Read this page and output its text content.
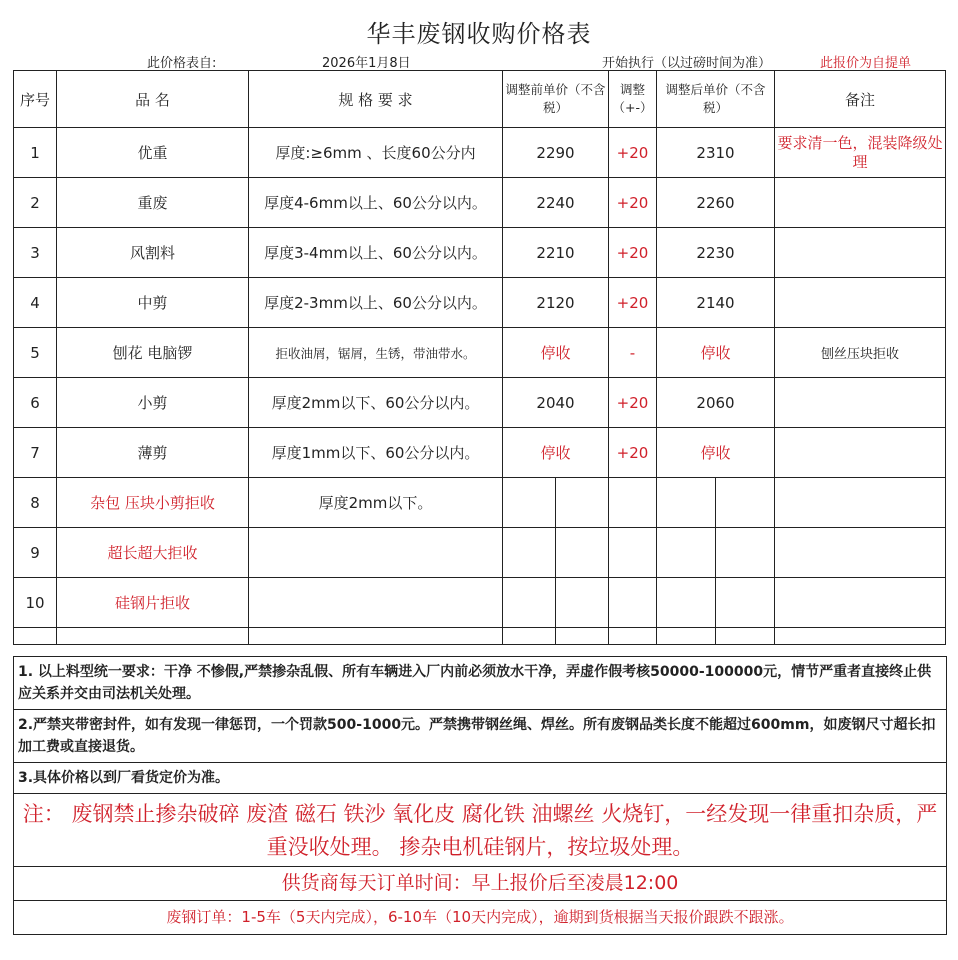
华丰废钢收购价格表
此价格表自:	2026年1月8日	开始执行（以过磅时间为准）	此报价为自提单
序号	品 名	规 格 要 求	调整前单价（不含税）	调整（+-）	调整后单价（不含税）	备注
1	优重	厚度:≥6mm 、长度60公分内	2290	+20	2310	要求清一色，混装降级处理
2	重废	厚度4-6mm以上、60公分以内。	2240	+20	2260	
3	风割料	厚度3-4mm以上、60公分以内。	2210	+20	2230	
4	中剪	厚度2-3mm以上、60公分以内。	2120	+20	2140	
5	刨花 电脑锣	拒收油屑，锯屑，生锈，带油带水。	停收	-	停收	刨丝压块拒收
6	小剪	厚度2mm以下、60公分以内。	2040	+20	2060	
7	薄剪	厚度1mm以下、60公分以内。	停收	+20	停收	
8	杂包 压块小剪拒收	厚度2mm以下。	

9	超长超大拒收		

10	硅钢片拒收		

1. 以上料型统一要求：干净 不惨假,严禁掺杂乱假、所有车辆进入厂内前必须放水干净，弄虚作假考核50000-100000元，情节严重者直接终止供应关系并交由司法机关处理。
2.严禁夹带密封件，如有发现一律惩罚，一个罚款500-1000元。严禁携带钢丝绳、焊丝。所有废钢品类长度不能超过600mm，如废钢尺寸超长扣加工费或直接退货。
3.具体价格以到厂看货定价为准。
注： 废钢禁止掺杂破碎 废渣 磁石 铁沙 氧化皮 腐化铁 油螺丝 火烧钉，一经发现一律重扣杂质，严重没收处理。 掺杂电机硅钢片，按垃圾处理。
供货商每天订单时间：早上报价后至凌晨12:00
废钢订单：1-5车（5天内完成），6-10车（10天内完成），逾期到货根据当天报价跟跌不跟涨。
